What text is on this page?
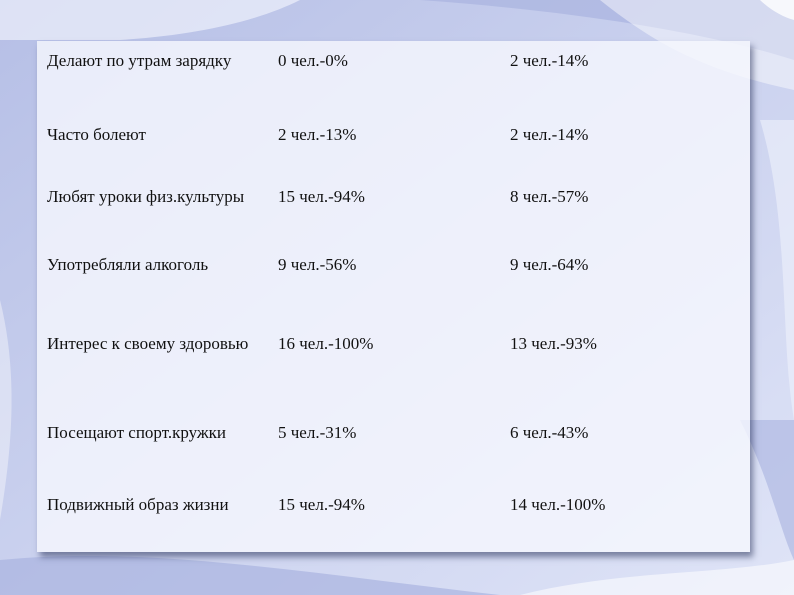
Делают по утрам зарядку	0 чел.-0%	2 чел.-14%
Часто болеют	2 чел.-13%	2 чел.-14%
Любят уроки физ.культуры	15 чел.-94%	8 чел.-57%
Употребляли алкоголь	9 чел.-56%	9 чел.-64%
Интерес к своему здоровью	16 чел.-100%	13 чел.-93%
Посещают спорт.кружки	5 чел.-31%	6 чел.-43%
Подвижный образ жизни	15 чел.-94%	14 чел.-100%
